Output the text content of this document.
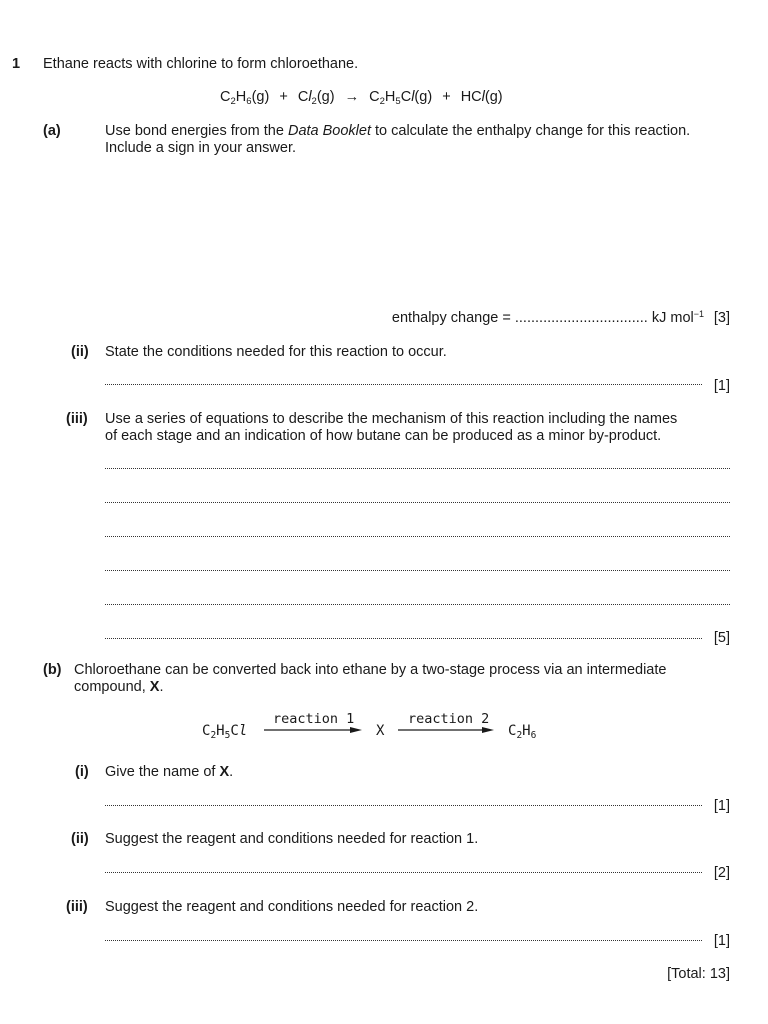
1 Ethane reacts with chlorine to form chloroethane.
$C_2H_6(g) + Cl_2(g) \to C_2H_5Cl(g) + HCl(g)$
(a)	Use bond energies from the Data Booklet to calculate the enthalpy change for this reaction.
Include a sign in your answer.
enthalpy change = ................................. kJ mol$^{-1}$ [3]
(ii) State the conditions needed for this reaction to occur.
[1]
(iii) Use a series of equations to describe the mechanism of this reaction including the names
of each stage and an indication of how butane can be produced as a minor by-product.
[5]
(b) Chloroethane can be converted back into ethane by a two-stage process via an intermediate
compound, X.
$C_2H_5Cl$
reaction 1
X
reaction 2
$C_2H_6$
(i) Give the name of X.
[1]
(ii) Suggest the reagent and conditions needed for reaction 1.
[2]
(iii) Suggest the reagent and conditions needed for reaction 2.
[1]
[Total: 13]
